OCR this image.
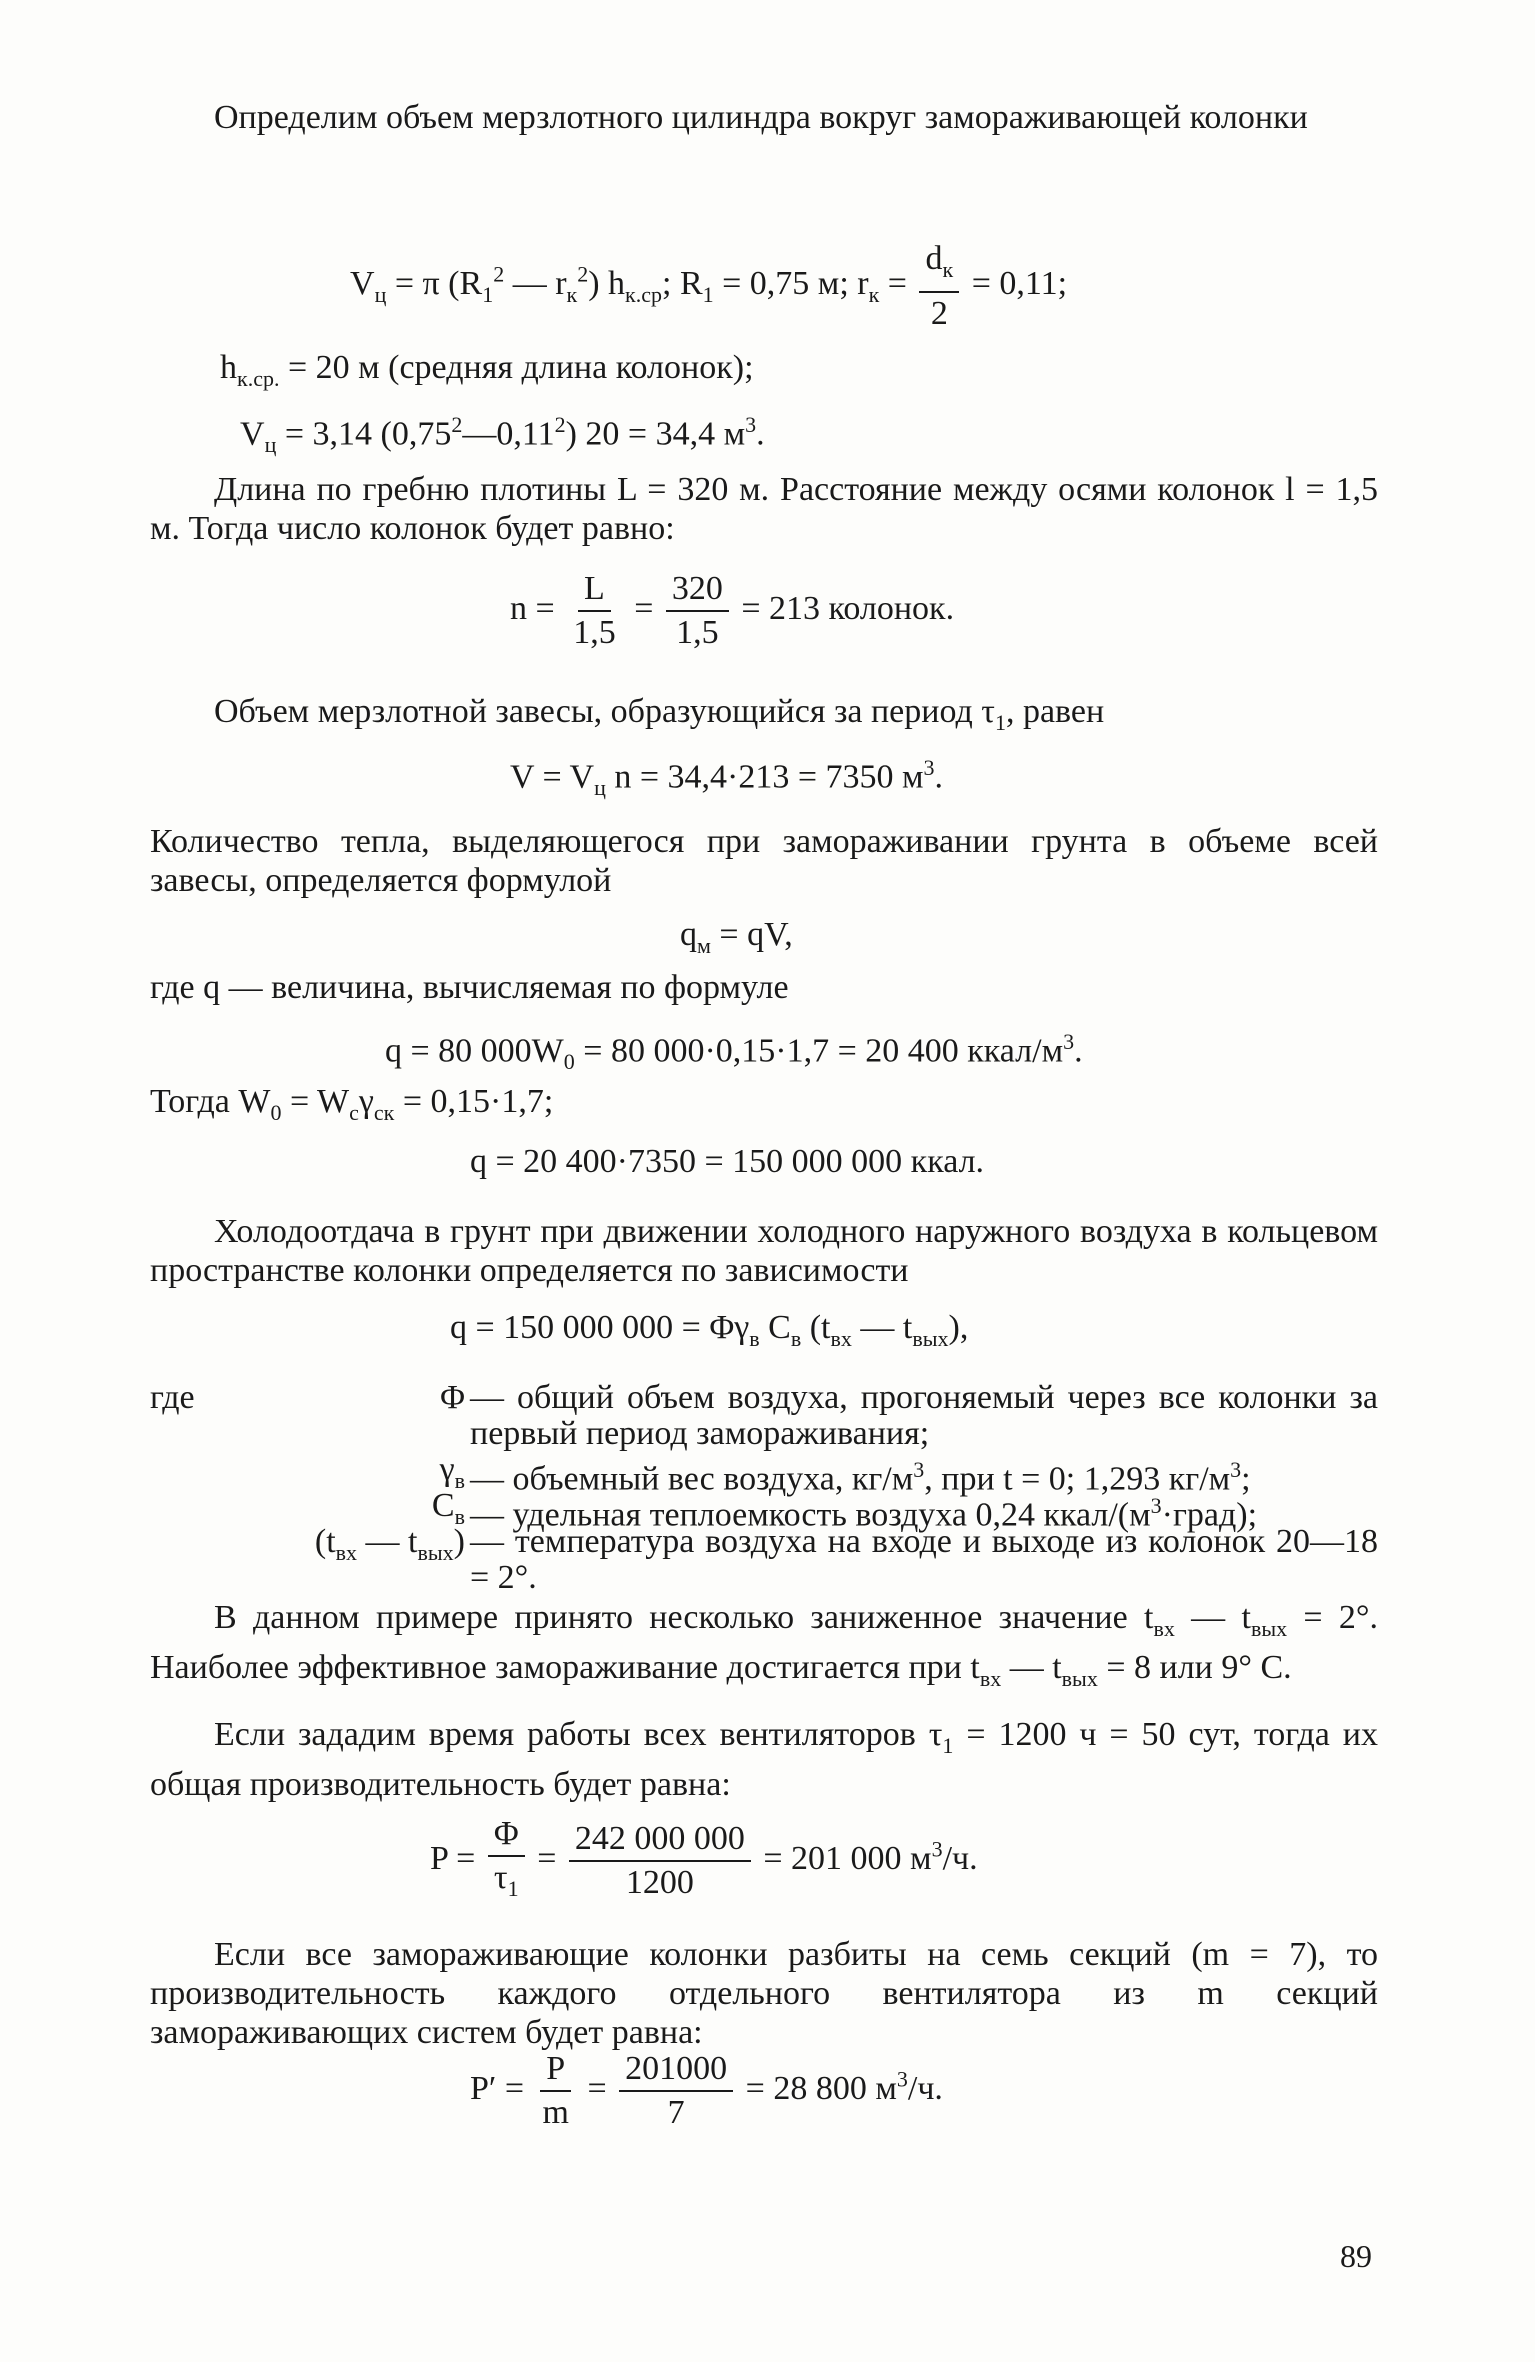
Определим объем мерзлотного цилиндра вокруг замораживающей колонки
$V_ц = \pi$ ($R_1^2$ — $r_к^2$) $h_{к.ср}$; $R_1 = 0,75$ м; $r_к = \frac{d_к}{2} = 0,11$;
$h_{к.ср.} = 20$ м (средняя длина колонок);
$V_ц = 3,14$ (0,75$^2$—0,11$^2$) 20 = 34,4 $м^3$.
Длина по гребню плотины L = 320 м. Расстояние между осями колонок l = 1,5 м. Тогда число колонок будет равно:
$n = \frac{L}{1,5} = \frac{320}{1,5} = 213$ колонок.
Объем мерзлотной завесы, образующийся за период $\tau_1$, равен
$V = V_ц$ n = 34,4·213 = 7350 $м^3$.
Количество тепла, выделяющегося при замораживании грунта в объеме всей завесы, определяется формулой
$q_м$ = qV,
где q — величина, вычисляемая по формуле
q = 80 $000W_0 = 80$ 000·0,15·1,7 = 20 400 ккал/$м^3$.
Тогда $W_0 = W_c\gamma_{ск} = 0,15\cdot 1,7$;
q = 20 400·7350 = 150 000 000 ккал.
Холодоотдача в грунт при движении холодного наружного воздуха в кольцевом пространстве колонки определяется по зависимости
q = 150 000 $000 = \Phi\gamma_в$ $C_в$ ($t_{вх}$ — $t_{вых}$),
где	Φ — общий объем воздуха, прогоняемый через все колонки за первый период замораживания;
$\gamma_в$ — объемный вес воздуха, $кг/м^3$, при t = 0; 1,293 $кг/м^3$;
$C_в$ — удельная теплоемкость воздуха 0,24 ккал/$(м^3\cdot град)$;
($t_{вх}$ — $t_{вых}$) — температура воздуха на входе и выходе из колонок 20—18 = 2°.
В данном примере принято несколько заниженное значение $t_{вх}$ — $t_{вых} = 2^\circ$. Наиболее эффективное замораживание достигается при $t_{вх}$ — $t_{вых} = 8$ или 9° С.
Если зададим время работы всех вентиляторов $\tau_1 = 1200$ ч = 50 сут, тогда их общая производительность будет равна:
$P = \frac{\Phi}{\tau_1} = \frac{242 000 000}{1200} = 201$ 000 $м^3/ч$.
Если все замораживающие колонки разбиты на семь секций (m = 7), то производительность каждого отдельного вентилятора из m секций замораживающих систем будет равна:
$P' = \frac{P}{m} = \frac{201000}{7} = 28$ 800 $м^3/ч$.
89
